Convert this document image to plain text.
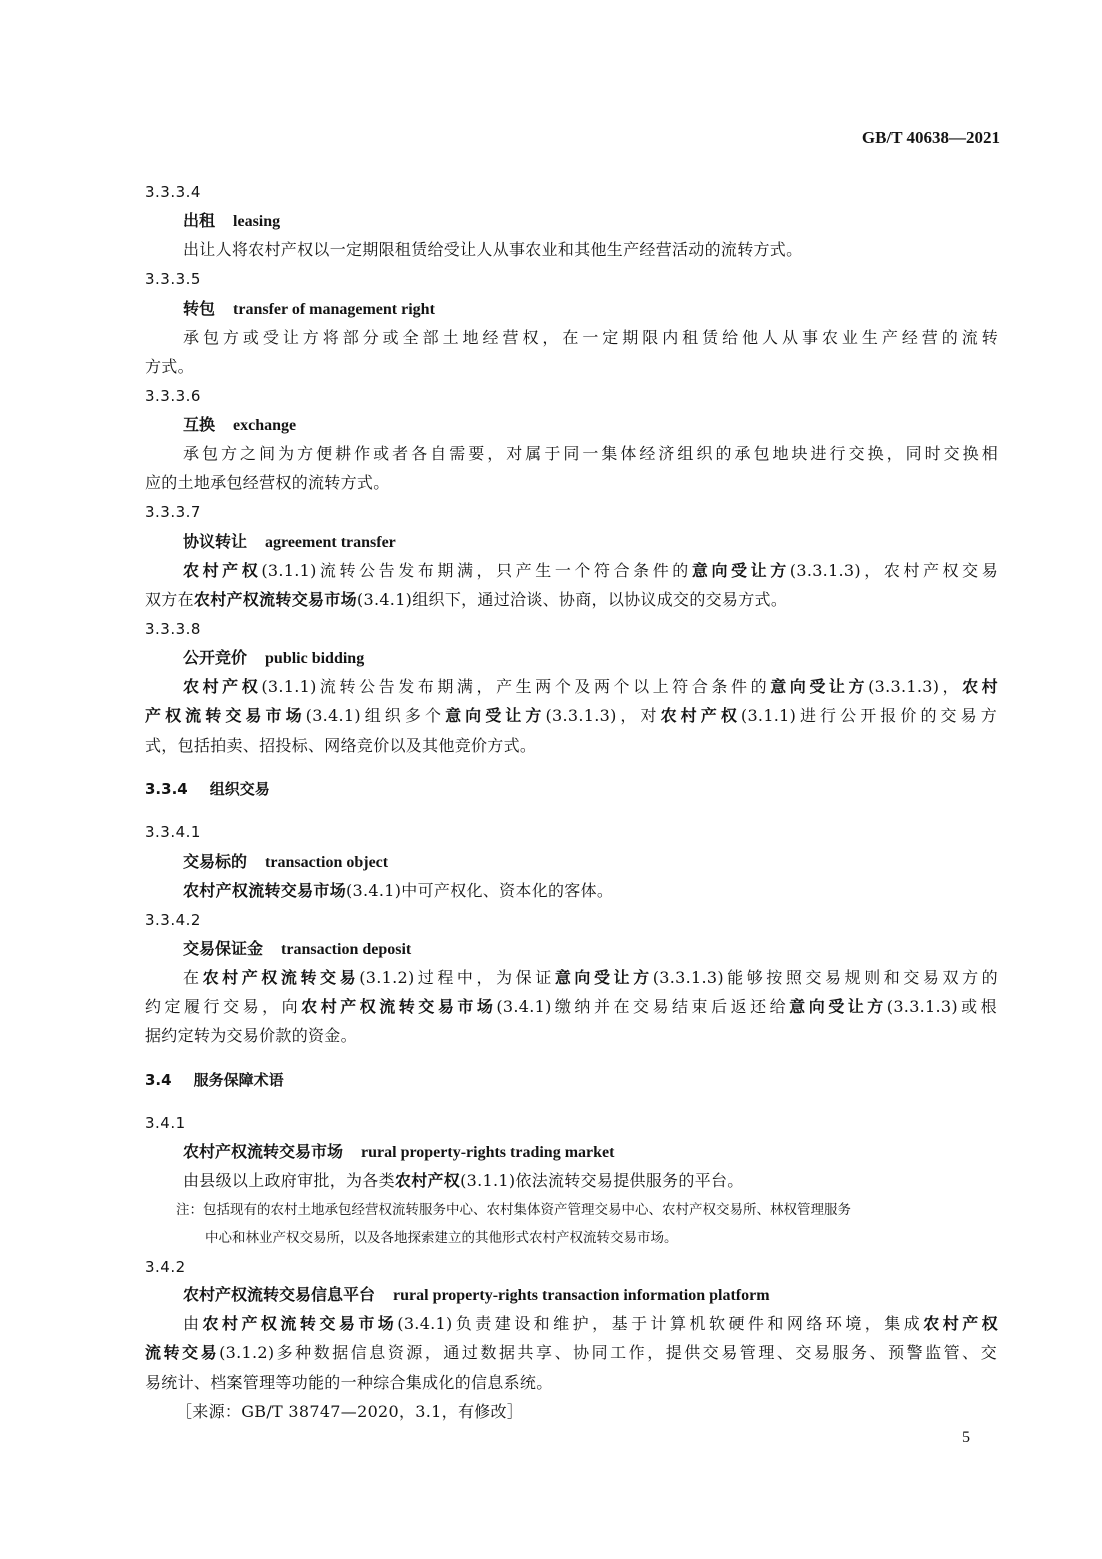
GB/T 40638—2021
3.3.3.4
出租 leasing
出让人将农村产权以一定期限租赁给受让人从事农业和其他生产经营活动的流转方式。
3.3.3.5
转包 transfer of management right
承包方或受让方将部分或全部土地经营权，在一定期限内租赁给他人从事农业生产经营的流转
方式。
3.3.3.6
互换 exchange
承包方之间为方便耕作或者各自需要，对属于同一集体经济组织的承包地块进行交换，同时交换相
应的土地承包经营权的流转方式。
3.3.3.7
协议转让 agreement transfer
农村产权(3.1.1)流转公告发布期满，只产生一个符合条件的意向受让方(3.3.1.3)，农村产权交易
双方在农村产权流转交易市场(3.4.1)组织下，通过洽谈、协商，以协议成交的交易方式。
3.3.3.8
公开竞价 public bidding
农村产权(3.1.1)流转公告发布期满，产生两个及两个以上符合条件的意向受让方(3.3.1.3)，农村
产权流转交易市场(3.4.1)组织多个意向受让方(3.3.1.3)，对农村产权(3.1.1)进行公开报价的交易方
式，包括拍卖、招投标、网络竞价以及其他竞价方式。
3.3.4 组织交易
3.3.4.1
交易标的 transaction object
农村产权流转交易市场(3.4.1)中可产权化、资本化的客体。
3.3.4.2
交易保证金 transaction deposit
在农村产权流转交易(3.1.2)过程中，为保证意向受让方(3.3.1.3)能够按照交易规则和交易双方的
约定履行交易，向农村产权流转交易市场(3.4.1)缴纳并在交易结束后返还给意向受让方(3.3.1.3)或根
据约定转为交易价款的资金。
3.4 服务保障术语
3.4.1
农村产权流转交易市场 rural property-rights trading market
由县级以上政府审批，为各类农村产权(3.1.1)依法流转交易提供服务的平台。
注：包括现有的农村土地承包经营权流转服务中心、农村集体资产管理交易中心、农村产权交易所、林权管理服务
中心和林业产权交易所，以及各地探索建立的其他形式农村产权流转交易市场。
3.4.2
农村产权流转交易信息平台 rural property-rights transaction information platform
由农村产权流转交易市场(3.4.1)负责建设和维护，基于计算机软硬件和网络环境，集成农村产权
流转交易(3.1.2)多种数据信息资源，通过数据共享、协同工作，提供交易管理、交易服务、预警监管、交
易统计、档案管理等功能的一种综合集成化的信息系统。
［来源：GB/T 38747—2020，3.1，有修改］
5
